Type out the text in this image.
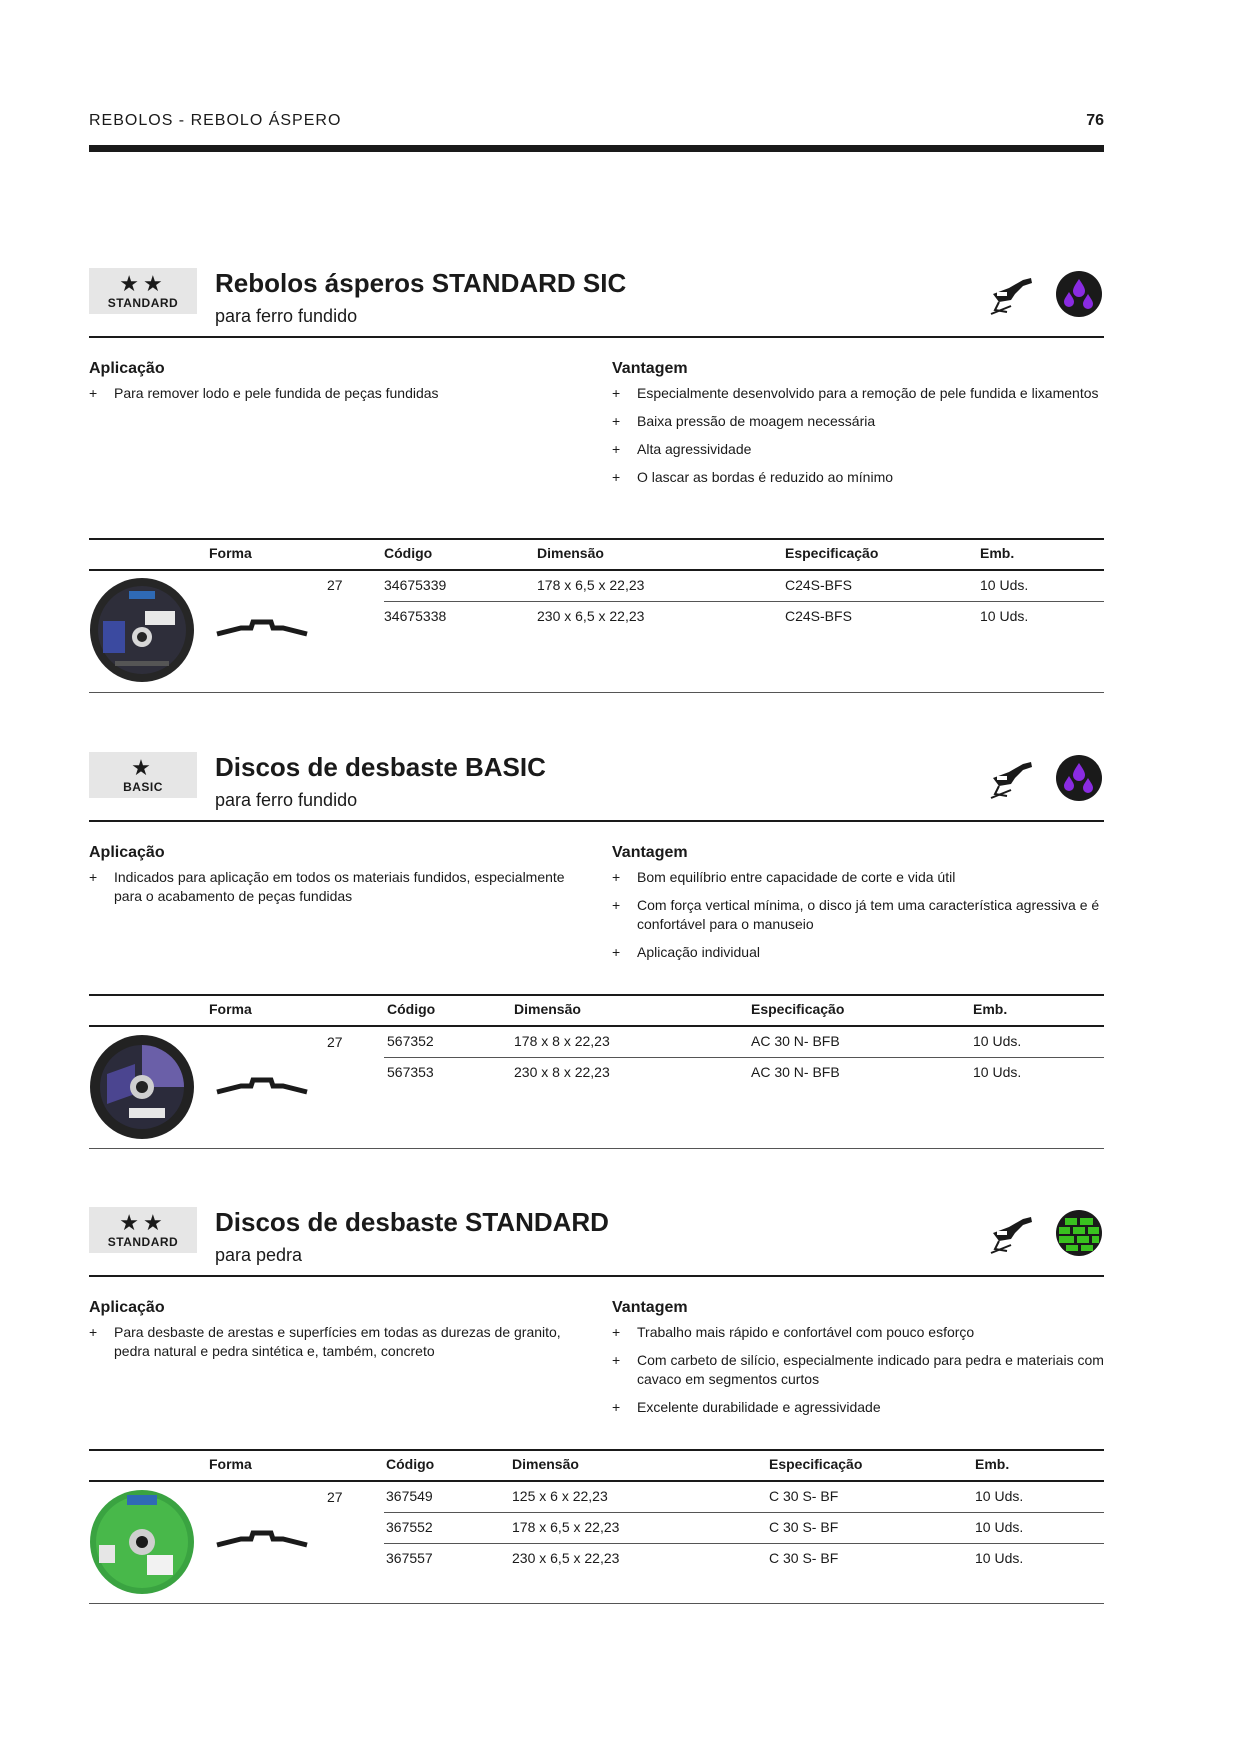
REBOLOS - REBOLO ÁSPERO	76
★★
STANDARD
Rebolos ásperos STANDARD SIC
para ferro fundido
Aplicação
+ Para remover lodo e pele fundida de peças fundidas
Vantagem
+ Especialmente desenvolvido para a remoção de pele fundida e lixamentos
+ Baixa pressão de moagem necessária
+ Alta agressividade
+ O lascar as bordas é reduzido ao mínimo
Forma	Código	Dimensão	Especificação	Emb.
27	34675339	178 x 6,5 x 22,23	C24S-BFS	10 Uds.
34675338	230 x 6,5 x 22,23	C24S-BFS	10 Uds.
★
BASIC
Discos de desbaste BASIC
para ferro fundido
Aplicação
+ Indicados para aplicação em todos os materiais fundidos, especialmente para o acabamento de peças fundidas
Vantagem
+ Bom equilíbrio entre capacidade de corte e vida útil
+ Com força vertical mínima, o disco já tem uma característica agressiva e é confortável para o manuseio
+ Aplicação individual
Forma	Código	Dimensão	Especificação	Emb.
27	567352	178 x 8 x 22,23	AC 30 N- BFB	10 Uds.
567353	230 x 8 x 22,23	AC 30 N- BFB	10 Uds.
★★
STANDARD
Discos de desbaste STANDARD
para pedra
Aplicação
+ Para desbaste de arestas e superfícies em todas as durezas de granito, pedra natural e pedra sintética e, também, concreto
Vantagem
+ Trabalho mais rápido e confortável com pouco esforço
+ Com carbeto de silício, especialmente indicado para pedra e materiais com cavaco em segmentos curtos
+ Excelente durabilidade e agressividade
Forma	Código	Dimensão	Especificação	Emb.
27	367549	125 x 6 x 22,23	C 30 S- BF	10 Uds.
367552	178 x 6,5 x 22,23	C 30 S- BF	10 Uds.
367557	230 x 6,5 x 22,23	C 30 S- BF	10 Uds.
